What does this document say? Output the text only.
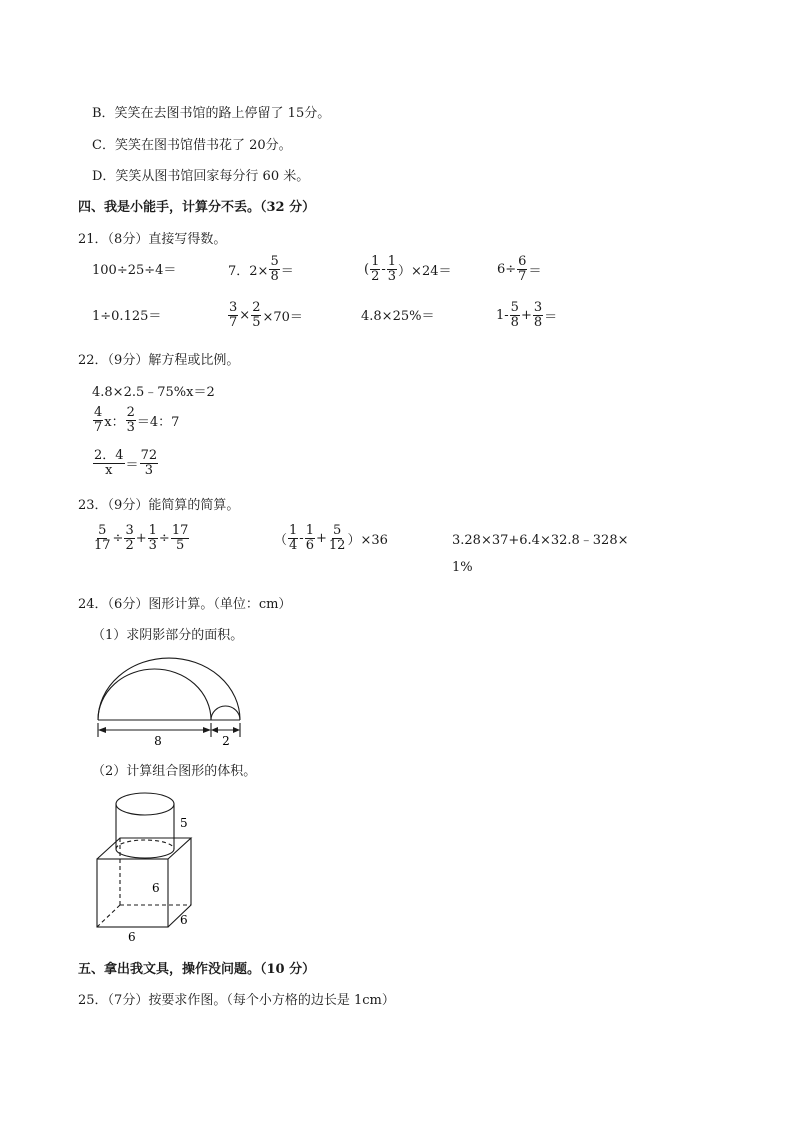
B．笑笑在去图书馆的路上停留了 15分。
C．笑笑在图书馆借书花了 20分。
D．笑笑从图书馆回家每分行 60 米。
四、我是小能手，计算分不丢。（32 分）
21．（8分）直接写得数。
100÷25÷4＝	7．$2\times \frac{5}{8}$ ＝	( $\frac{1}{2} - \frac{1}{3} )\times 24=$	$6\div \frac{6}{7}$ ＝
1÷0.125＝	$\frac{3}{7} \times \frac{2}{5} \times 70=$	4.8×25%＝	$1- \frac{5}{8} + \frac{3}{8}$ ＝
22．（9分）解方程或比例。
4.8×2.5﹣75%x＝2
$\frac{4}{7}$ x： $\frac{2}{3} =4$：7
$\frac{2.4}{x} = \frac{72}{3}$
23．（9分）能简算的简算。
$\frac{5}{17} \div \frac{3}{2} + \frac{1}{3} \div \frac{17}{5}$	（ $\frac{1}{4} - \frac{1}{6} + \frac{5}{12} )\times 36$	3.28×37+6.4×32.8﹣328×
1%
24．（6分）图形计算。（单位：cm）
（1）求阴影部分的面积。
8	2
（2）计算组合图形的体积。
5
6
6
6
五、拿出我文具，操作没问题。（10 分）
25．（7分）按要求作图。（每个小方格的边长是 1cm）
